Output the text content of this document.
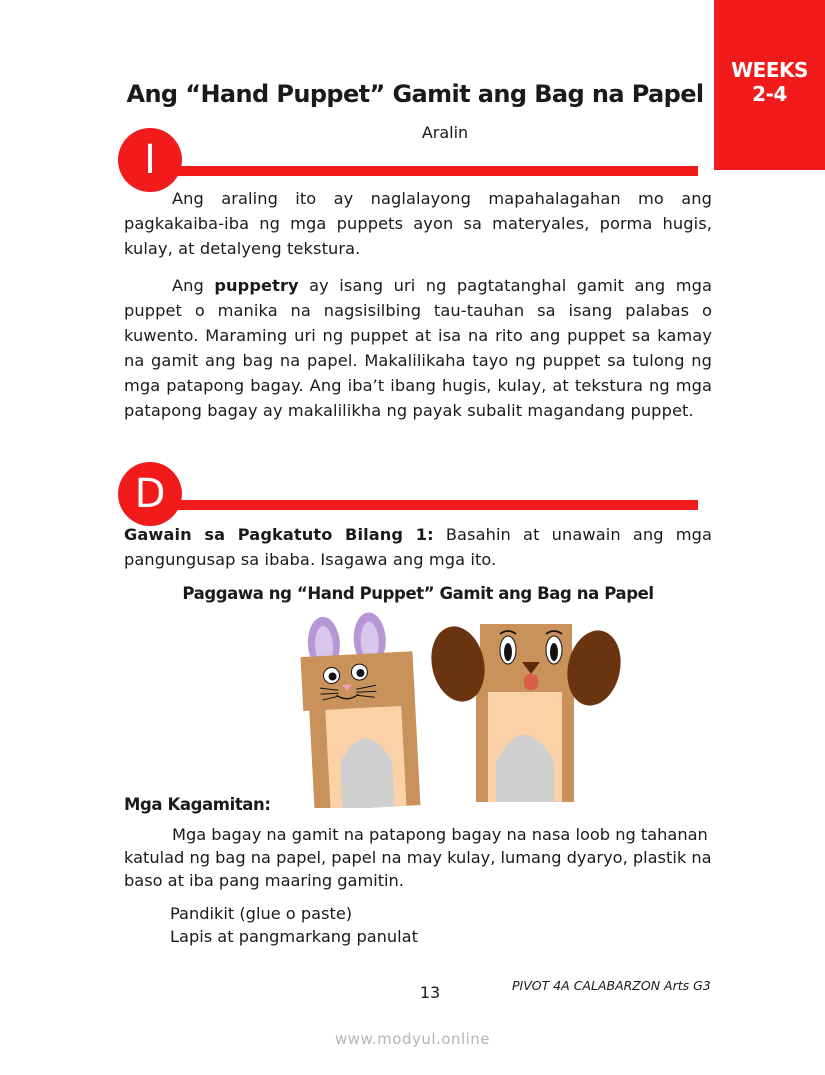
WEEKS
2-4
Ang “Hand Puppet” Gamit ang Bag na Papel
Aralin
I

Ang araling ito ay naglalayong mapahalagahan mo ang pagkakaiba-iba ng mga puppets ayon sa materyales, porma hugis, kulay, at detalyeng tekstura.

Ang puppetry ay isang uri ng pagtatanghal gamit ang mga puppet o manika na nagsisilbing tau-tauhan sa isang palabas o kuwento. Maraming uri ng puppet at isa na rito ang puppet sa kamay na gamit ang bag na papel. Makalilikaha tayo ng puppet sa tulong ng mga patapong bagay. Ang iba’t ibang hugis, kulay, at tekstura ng mga patapong bagay ay makalilikha ng payak subalit magandang puppet.

D

Gawain sa Pagkatuto Bilang 1: Basahin at unawain ang mga pangungusap sa ibaba. Isagawa ang mga ito.

Paggawa ng “Hand Puppet” Gamit ang Bag na Papel
Mga Kagamitan:

Mga bagay na gamit na patapong bagay na nasa loob ng tahanan katulad ng bag na papel, papel na may kulay, lumang dyaryo, plastik na baso at iba pang maaring gamitin.

Pandikit (glue o paste)
Lapis at pangmarkang panulat
13	PIVOT 4A CALABARZON Arts G3
www.modyul.online
